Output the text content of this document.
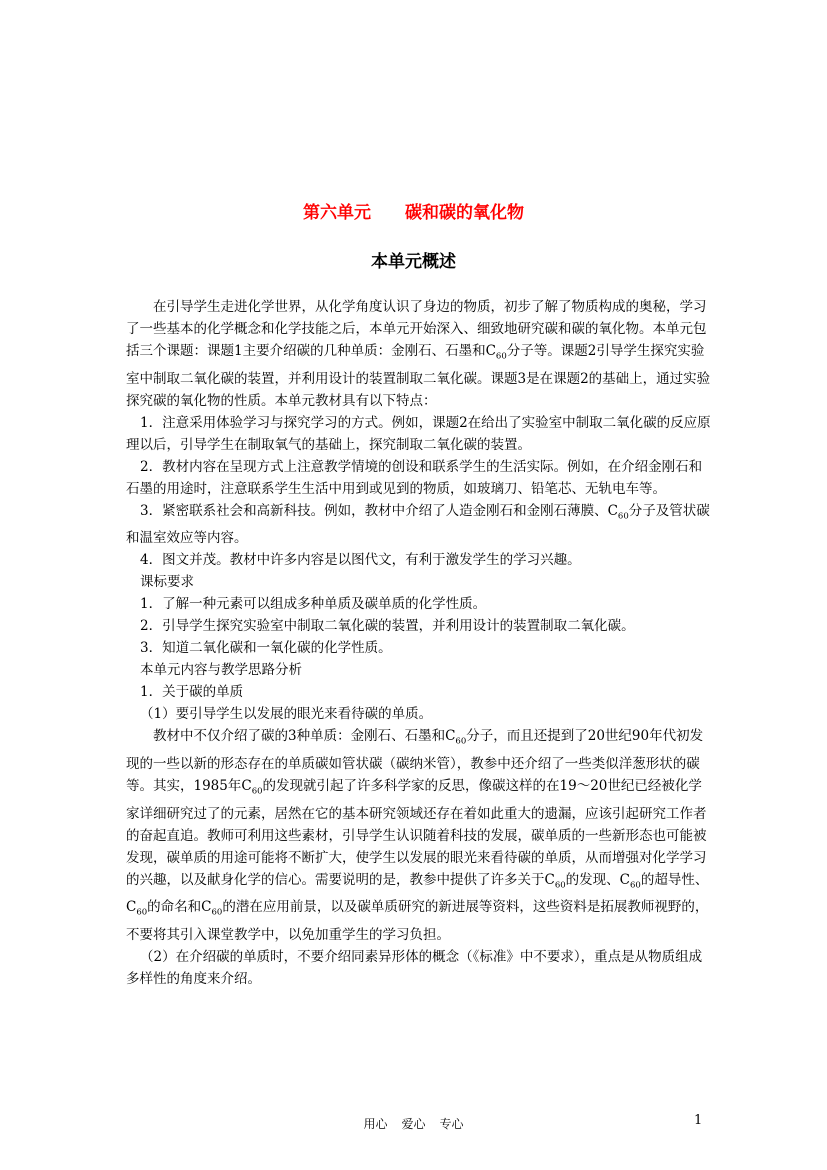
第六单元 碳和碳的氧化物
本单元概述

在引导学生走进化学世界，从化学角度认识了身边的物质，初步了解了物质构成的奥秘，学习了一些基本的化学概念和化学技能之后，本单元开始深入、细致地研究碳和碳的氧化物。本单元包括三个课题：课题1主要介绍碳的几种单质：金刚石、石墨和$C_{60}$分子等。课题2引导学生探究实验室中制取二氧化碳的装置，并利用设计的装置制取二氧化碳。课题3是在课题2的基础上，通过实验探究碳的氧化物的性质。本单元教材具有以下特点：

1．注意采用体验学习与探究学习的方式。例如，课题2在给出了实验室中制取二氧化碳的反应原理以后，引导学生在制取氧气的基础上，探究制取二氧化碳的装置。

2．教材内容在呈现方式上注意教学情境的创设和联系学生的生活实际。例如，在介绍金刚石和石墨的用途时，注意联系学生生活中用到或见到的物质，如玻璃刀、铅笔芯、无轨电车等。

3．紧密联系社会和高新科技。例如，教材中介绍了人造金刚石和金刚石薄膜、$C_{60}$分子及管状碳和温室效应等内容。

4．图文并茂。教材中许多内容是以图代文，有利于激发学生的学习兴趣。

课标要求

1．了解一种元素可以组成多种单质及碳单质的化学性质。

2．引导学生探究实验室中制取二氧化碳的装置，并利用设计的装置制取二氧化碳。

3．知道二氧化碳和一氧化碳的化学性质。

本单元内容与教学思路分析

1．关于碳的单质

（1）要引导学生以发展的眼光来看待碳的单质。

教材中不仅介绍了碳的3种单质：金刚石、石墨和$C_{60}$分子，而且还提到了20世纪90年代初发现的一些以新的形态存在的单质碳如管状碳（碳纳米管），教参中还介绍了一些类似洋葱形状的碳等。其实，1985年$C_{60}$的发现就引起了许多科学家的反思，像碳这样的在19～20世纪已经被化学家详细研究过了的元素，居然在它的基本研究领域还存在着如此重大的遗漏，应该引起研究工作者的奋起直追。教师可利用这些素材，引导学生认识随着科技的发展，碳单质的一些新形态也可能被发现，碳单质的用途可能将不断扩大，使学生以发展的眼光来看待碳的单质，从而增强对化学学习的兴趣，以及献身化学的信心。需要说明的是，教参中提供了许多关于$C_{60}$的发现、$C_{60}$的超导性、$C_{60}$的命名和$C_{60}$的潜在应用前景，以及碳单质研究的新进展等资料，这些资料是拓展教师视野的，不要将其引入课堂教学中，以免加重学生的学习负担。

（2）在介绍碳的单质时，不要介绍同素异形体的概念（《标准》中不要求），重点是从物质组成多样性的角度来介绍。

用心 爱心 专心	1
